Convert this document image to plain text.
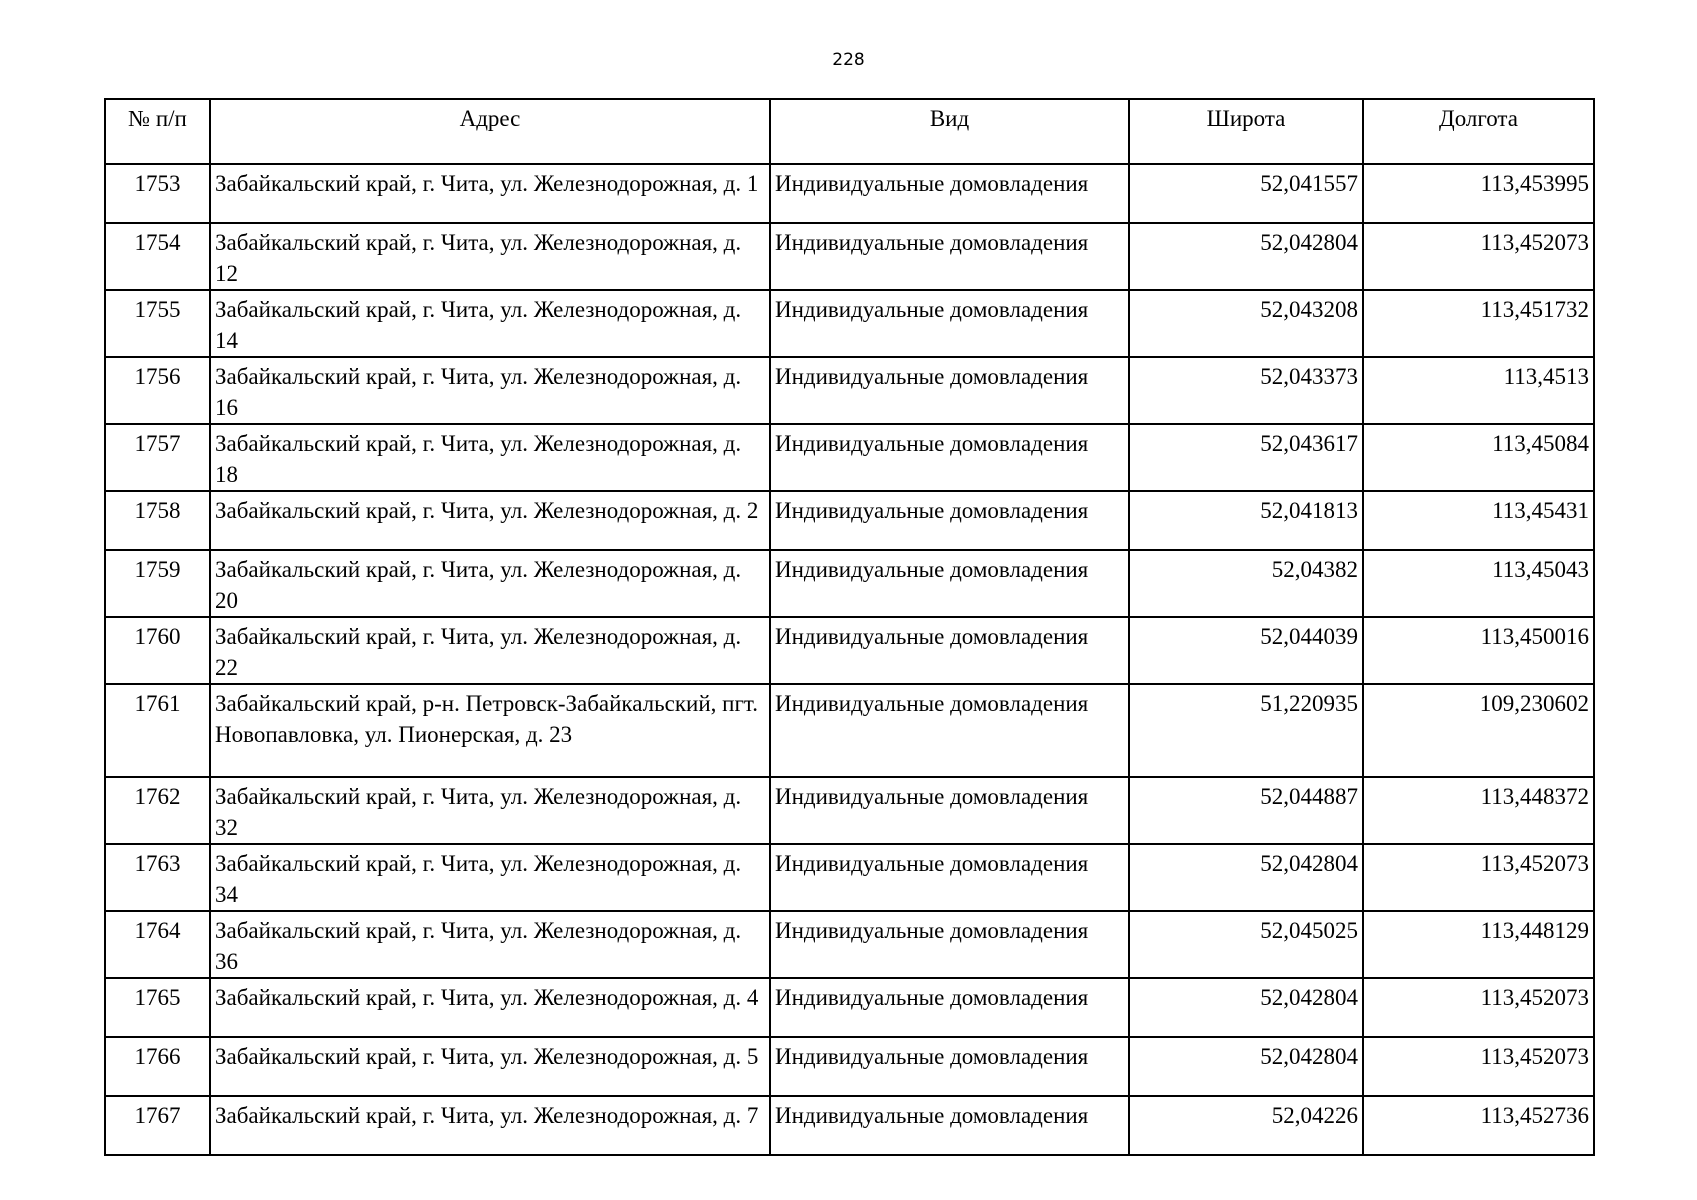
228
№ п/п	Адрес	Вид	Широта	Долгота
1753	Забайкальский край, г. Чита, ул. Железнодорожная, д. 1	Индивидуальные домовладения	52,041557	113,453995
1754	Забайкальский край, г. Чита, ул. Железнодорожная, д. 12	Индивидуальные домовладения	52,042804	113,452073
1755	Забайкальский край, г. Чита, ул. Железнодорожная, д. 14	Индивидуальные домовладения	52,043208	113,451732
1756	Забайкальский край, г. Чита, ул. Железнодорожная, д. 16	Индивидуальные домовладения	52,043373	113,4513
1757	Забайкальский край, г. Чита, ул. Железнодорожная, д. 18	Индивидуальные домовладения	52,043617	113,45084
1758	Забайкальский край, г. Чита, ул. Железнодорожная, д. 2	Индивидуальные домовладения	52,041813	113,45431
1759	Забайкальский край, г. Чита, ул. Железнодорожная, д. 20	Индивидуальные домовладения	52,04382	113,45043
1760	Забайкальский край, г. Чита, ул. Железнодорожная, д. 22	Индивидуальные домовладения	52,044039	113,450016
1761	Забайкальский край, р-н. Петровск-Забайкальский, пгт. Новопавловка, ул. Пионерская, д. 23	Индивидуальные домовладения	51,220935	109,230602
1762	Забайкальский край, г. Чита, ул. Железнодорожная, д. 32	Индивидуальные домовладения	52,044887	113,448372
1763	Забайкальский край, г. Чита, ул. Железнодорожная, д. 34	Индивидуальные домовладения	52,042804	113,452073
1764	Забайкальский край, г. Чита, ул. Железнодорожная, д. 36	Индивидуальные домовладения	52,045025	113,448129
1765	Забайкальский край, г. Чита, ул. Железнодорожная, д. 4	Индивидуальные домовладения	52,042804	113,452073
1766	Забайкальский край, г. Чита, ул. Железнодорожная, д. 5	Индивидуальные домовладения	52,042804	113,452073
1767	Забайкальский край, г. Чита, ул. Железнодорожная, д. 7	Индивидуальные домовладения	52,04226	113,452736
